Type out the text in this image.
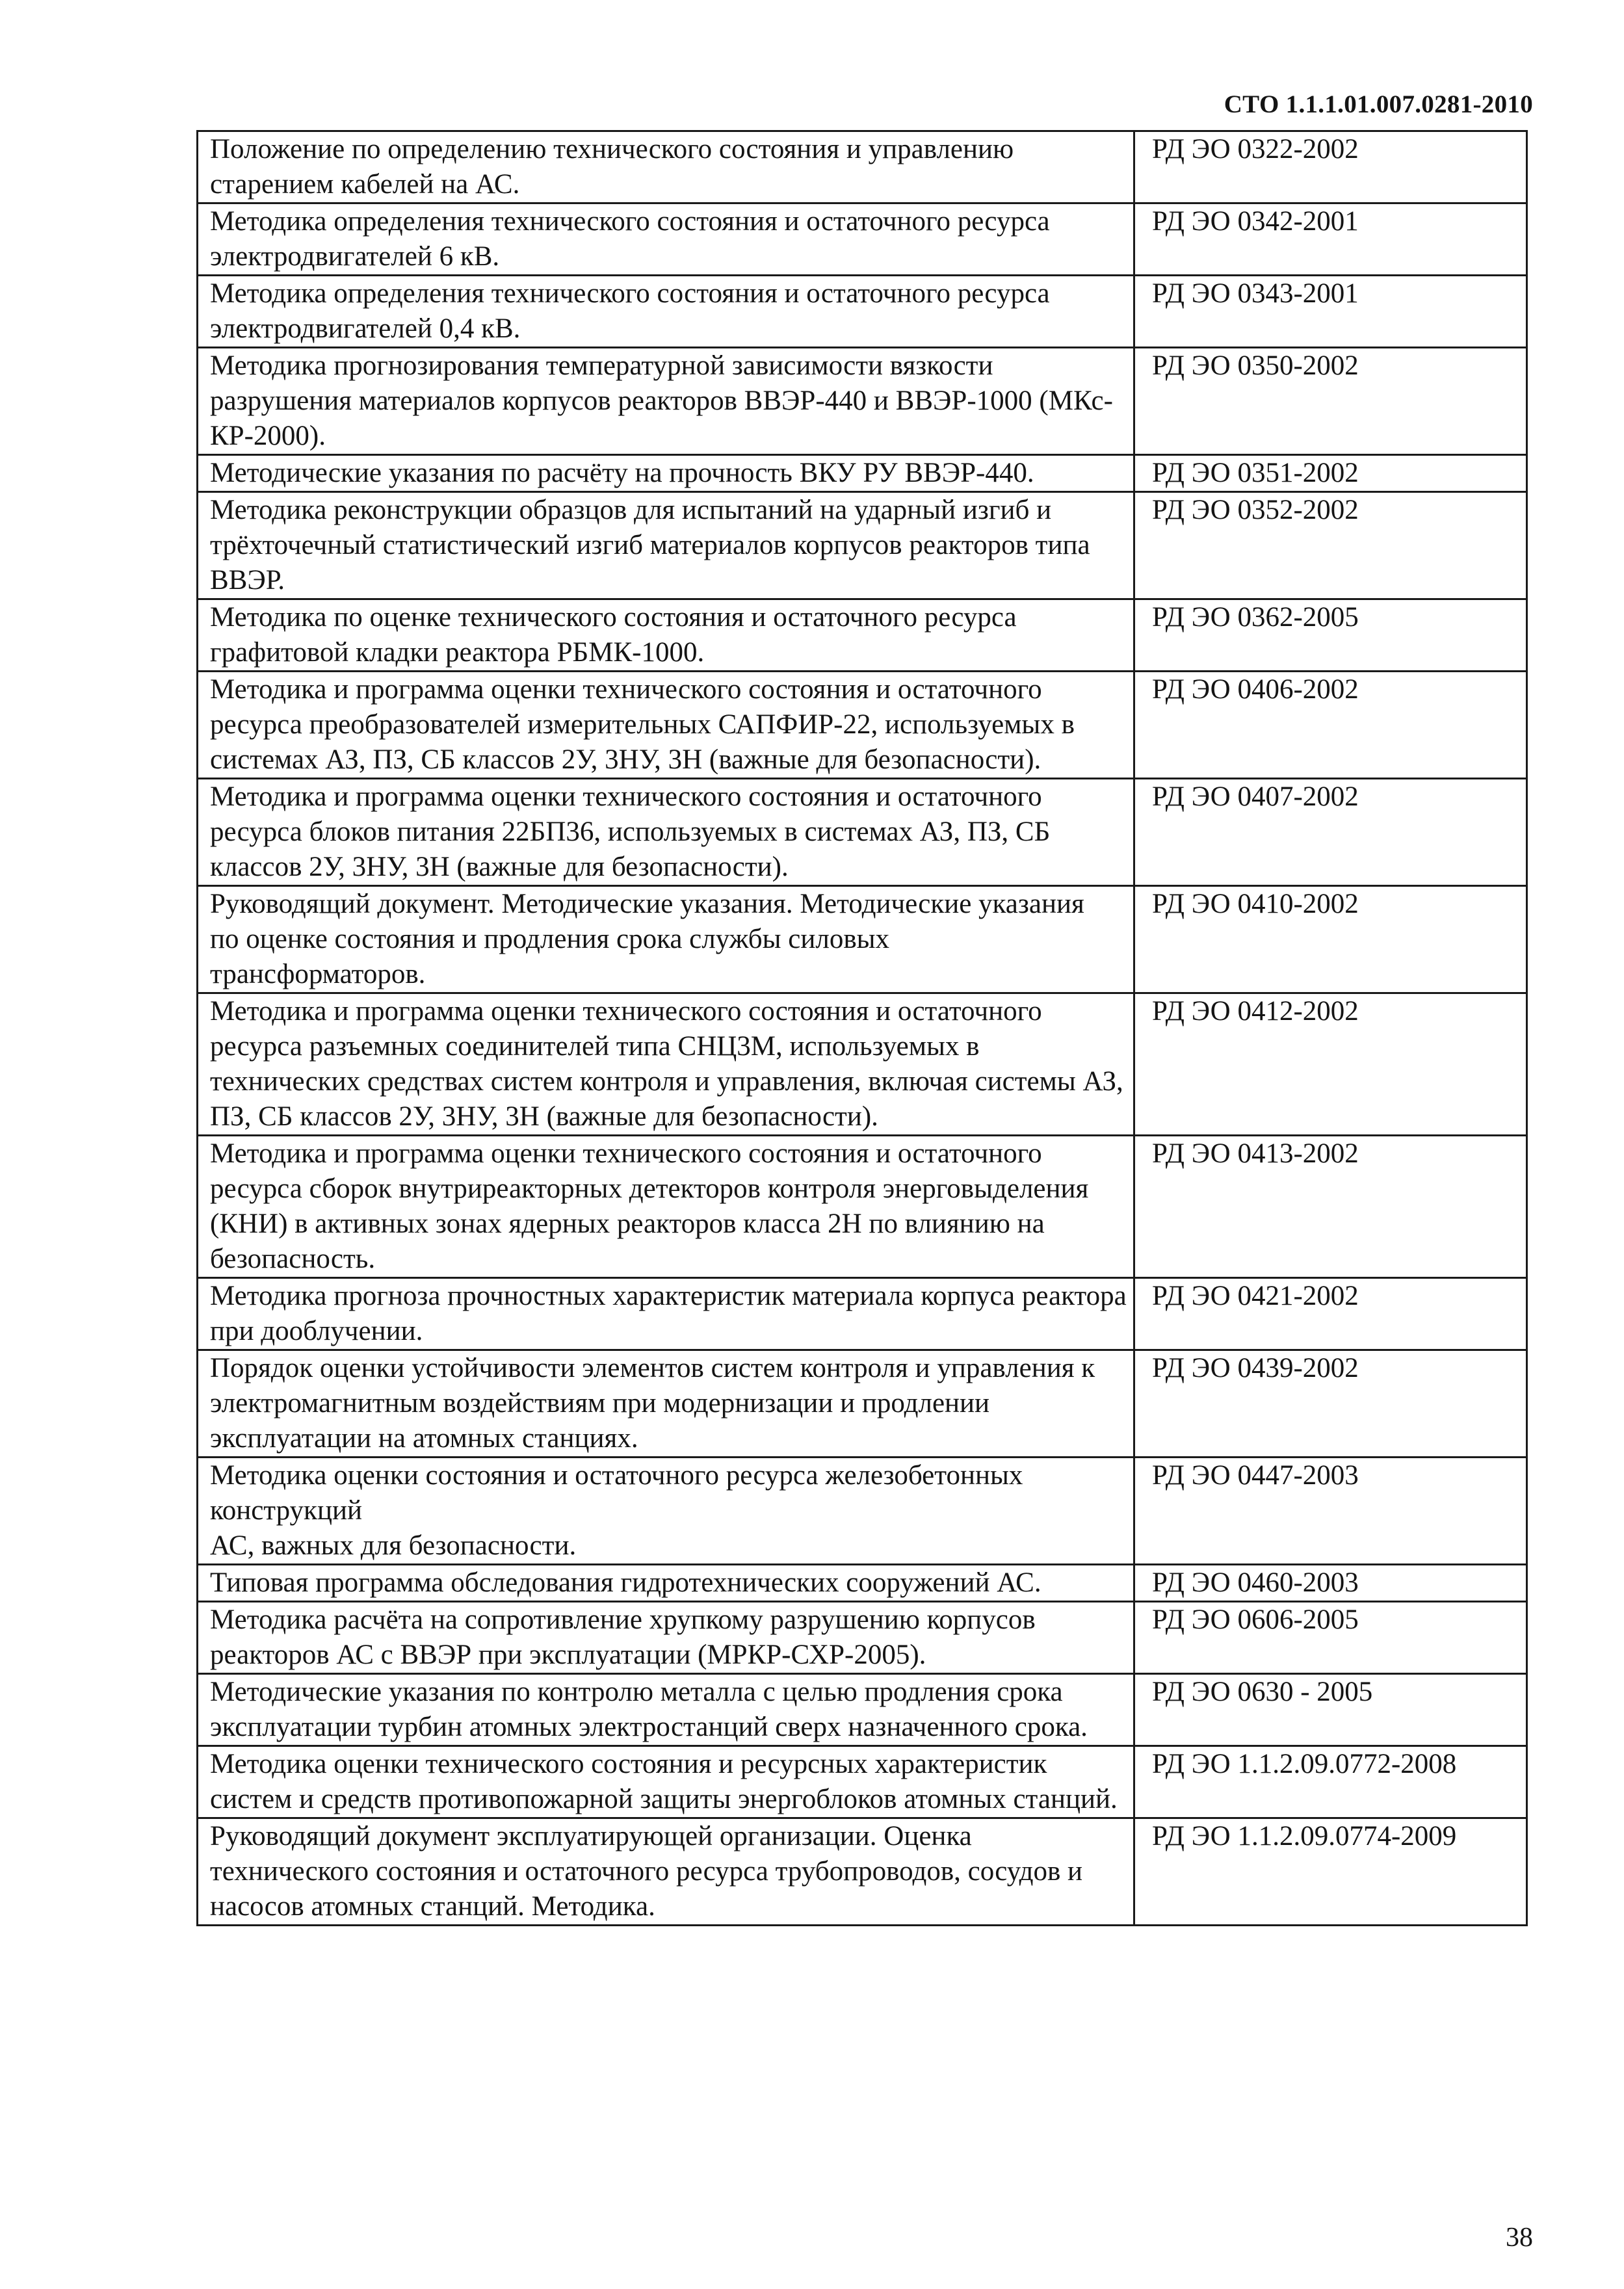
СТО 1.1.1.01.007.0281-2010
Положение по определению технического состояния и управлению старением кабелей на АС.	РД ЭО 0322-2002
Методика определения технического состояния и остаточного ресурса электродвигателей 6 кВ.	РД ЭО 0342-2001
Методика определения технического состояния и остаточного ресурса электродвигателей 0,4 кВ.	РД ЭО 0343-2001
Методика прогнозирования температурной зависимости вязкости разрушения материалов корпусов реакторов ВВЭР-440 и ВВЭР-1000 (МКс-КР-2000).	РД ЭО 0350-2002
Методические указания по расчёту на прочность ВКУ РУ ВВЭР-440.	РД ЭО 0351-2002
Методика реконструкции образцов для испытаний на ударный изгиб и трёхточечный статистический изгиб материалов корпусов реакторов типа ВВЭР.	РД ЭО 0352-2002
Методика по оценке технического состояния и остаточного ресурса графитовой кладки реактора РБМК-1000.	РД ЭО 0362-2005
Методика и программа оценки технического состояния и остаточного ресурса преобразователей измерительных САПФИР-22, используемых в системах АЗ, ПЗ, СБ классов 2У, 3НУ, 3Н (важные для безопасности).	РД ЭО 0406-2002
Методика и программа оценки технического состояния и остаточного ресурса блоков питания 22БП36, используемых в системах АЗ, ПЗ, СБ классов 2У, 3НУ, 3Н (важные для безопасности).	РД ЭО 0407-2002

Руководящий документ. Методические указания. Методические указания
по оценке состояния и продления срока службы силовых
трансформаторов.	РД ЭО 0410-2002
Методика и программа оценки технического состояния и остаточного ресурса разъемных соединителей типа СНЦ3М, используемых в технических средствах систем контроля и управления, включая системы АЗ, ПЗ, СБ классов 2У, 3НУ, 3Н (важные для безопасности).	РД ЭО 0412-2002
Методика и программа оценки технического состояния и остаточного ресурса сборок внутриреакторных детекторов контроля энерговыделения (КНИ) в активных зонах ядерных реакторов класса 2Н по влиянию на безопасность.	РД ЭО 0413-2002
Методика прогноза прочностных характеристик материала корпуса реактора при дооблучении.	РД ЭО 0421-2002
Порядок оценки устойчивости элементов систем контроля и управления к электромагнитным воздействиям при модернизации и продлении эксплуатации на атомных станциях.	РД ЭО 0439-2002

Методика оценки состояния и остаточного ресурса железобетонных конструкций
АС, важных для безопасности.	РД ЭО 0447-2003
Типовая программа обследования гидротехнических сооружений АС.	РД ЭО 0460-2003
Методика расчёта на сопротивление хрупкому разрушению корпусов реакторов АС с ВВЭР при эксплуатации (МРКР-СХР-2005).	РД ЭО 0606-2005
Методические указания по контролю металла с целью продления срока эксплуатации турбин атомных электростанций сверх назначенного срока.	РД ЭО 0630 - 2005
Методика оценки технического состояния и ресурсных характеристик систем и средств противопожарной защиты энергоблоков атомных станций.	РД ЭО 1.1.2.09.0772-2008
Руководящий документ эксплуатирующей организации. Оценка технического состояния и остаточного ресурса трубопроводов, сосудов и насосов атомных станций. Методика.	РД ЭО 1.1.2.09.0774-2009
38
